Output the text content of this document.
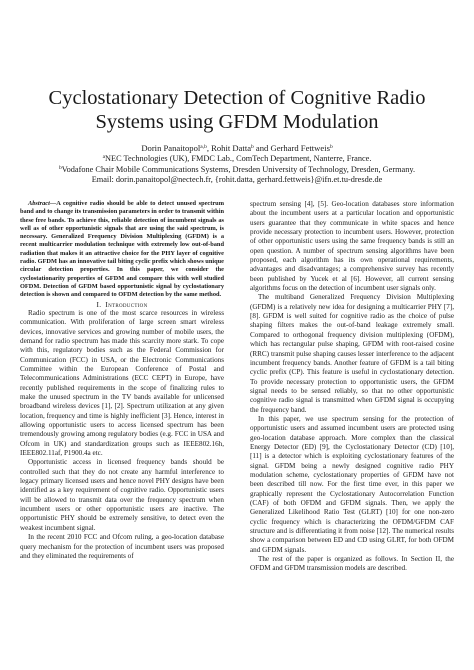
Cyclostationary Detection of Cognitive Radio
Systems using GFDM Modulation
Dorin Panaitopol$^{a,b}$, Rohit Datta$^b$ and Gerhard Fettweis$^b$
$^a$NEC Technologies (UK), FMDC Lab., ComTech Department, Nanterre, France.
$^b$Vodafone Chair Mobile Communications Systems, Dresden University of Technology, Dresden, Germany.
Email: dorin.panaitopol@nectech.fr, {rohit.datta, gerhard.fettweis}@ifn.et.tu-dresde.de

Abstract—A cognitive radio should be able to detect unused spectrum band and to change its transmission parameters in order to transmit within these free bands. To achieve this, reliable detection of incumbent signals as well as of other opportunistic signals that are using the said spectrum, is necessary. Generalized Frequency Division Multiplexing (GFDM) is a recent multicarrier modulation technique with extremely low out-of-band radiation that makes it an attractive choice for the PHY layer of cognitive radio. GFDM has an innovative tail biting cyclic prefix which shows unique circular detection properties. In this paper, we consider the cyclostationarity properties of GFDM and compare this with well studied OFDM. Detection of GFDM based opportunistic signal by cyclostationary detection is shown and compared to OFDM detection by the same method.

I. Introduction

Radio spectrum is one of the most scarce resources in wireless communication. With proliferation of large screen smart wireless devices, innovative services and growing number of mobile users, the demand for radio spectrum has made this scarcity more stark. To cope with this, regulatory bodies such as the Federal Commission for Communication (FCC) in USA, or the Electronic Communications Committee within the European Conference of Postal and Telecommunications Administrations (ECC CEPT) in Europe, have recently published requirements in the scope of finalizing rules to make the unused spectrum in the TV bands available for unlicensed broadband wireless devices [1], [2]. Spectrum utilization at any given location, frequency and time is highly inefficient [3]. Hence, interest in allowing opportunistic users to access licensed spectrum has been tremendously growing among regulatory bodies (e.g. FCC in USA and Ofcom in UK) and standardization groups such as IEEE802.16h, IEEE802.11af, P1900.4a etc.

Opportunistic access in licensed frequency bands should be controlled such that they do not create any harmful interference to legacy primary licensed users and hence novel PHY designs have been identified as a key requirement of cognitive radio. Opportunistic users will be allowed to transmit data over the frequency spectrum when incumbent users or other opportunistic users are inactive. The opportunistic PHY should be extremely sensitive, to detect even the weakest incumbent signal.

In the recent 2010 FCC and Ofcom ruling, a geo-location database query mechanism for the protection of incumbent users was proposed and they eliminated the requirements of

spectrum sensing [4], [5]. Geo-location databases store information about the incumbent users at a particular location and opportunistic users guarantee that they communicate in white spaces and hence provide necessary protection to incumbent users. However, protection of other opportunistic users using the same frequency bands is still an open question. A number of spectrum sensing algorithms have been proposed, each algorithm has its own operational requirements, advantages and disadvantages; a comprehensive survey has recently been published by Yucek et al [6]. However, all current sensing algorithms focus on the detection of incumbent user signals only.

The multiband Generalized Frequency Division Multiplexing (GFDM) is a relatively new idea for designing a multicarrier PHY [7], [8]. GFDM is well suited for cognitive radio as the choice of pulse shaping filters makes the out-of-band leakage extremely small. Compared to orthogonal frequency division multiplexing (OFDM), which has rectangular pulse shaping, GFDM with root-raised cosine (RRC) transmit pulse shaping causes lesser interference to the adjacent incumbent frequency bands. Another feature of GFDM is a tail biting cyclic prefix (CP). This feature is useful in cyclostationary detection. To provide necessary protection to opportunistic users, the GFDM signal needs to be sensed reliably, so that no other opportunistic cognitive radio signal is transmitted when GFDM signal is occupying the frequency band.

In this paper, we use spectrum sensing for the protection of opportunistic users and assumed incumbent users are protected using geo-location database approach. More complex than the classical Energy Detector (ED) [9], the Cyclostationary Detector (CD) [10], [11] is a detector which is exploiting cyclostationary features of the signal. GFDM being a newly designed cognitive radio PHY modulation scheme, cyclostationary properties of GFDM have not been described till now. For the first time ever, in this paper we graphically represent the Cyclostationary Autocorrelation Function (CAF) of both OFDM and GFDM signals. Then, we apply the Generalized Likelihood Ratio Test (GLRT) [10] for one non-zero cyclic frequency which is characterizing the OFDM/GFDM CAF structure and is differentiating it from noise [12]. The numerical results show a comparison between ED and CD using GLRT, for both OFDM and GFDM signals.

The rest of the paper is organized as follows. In Section II, the OFDM and GFDM transmission models are described.
